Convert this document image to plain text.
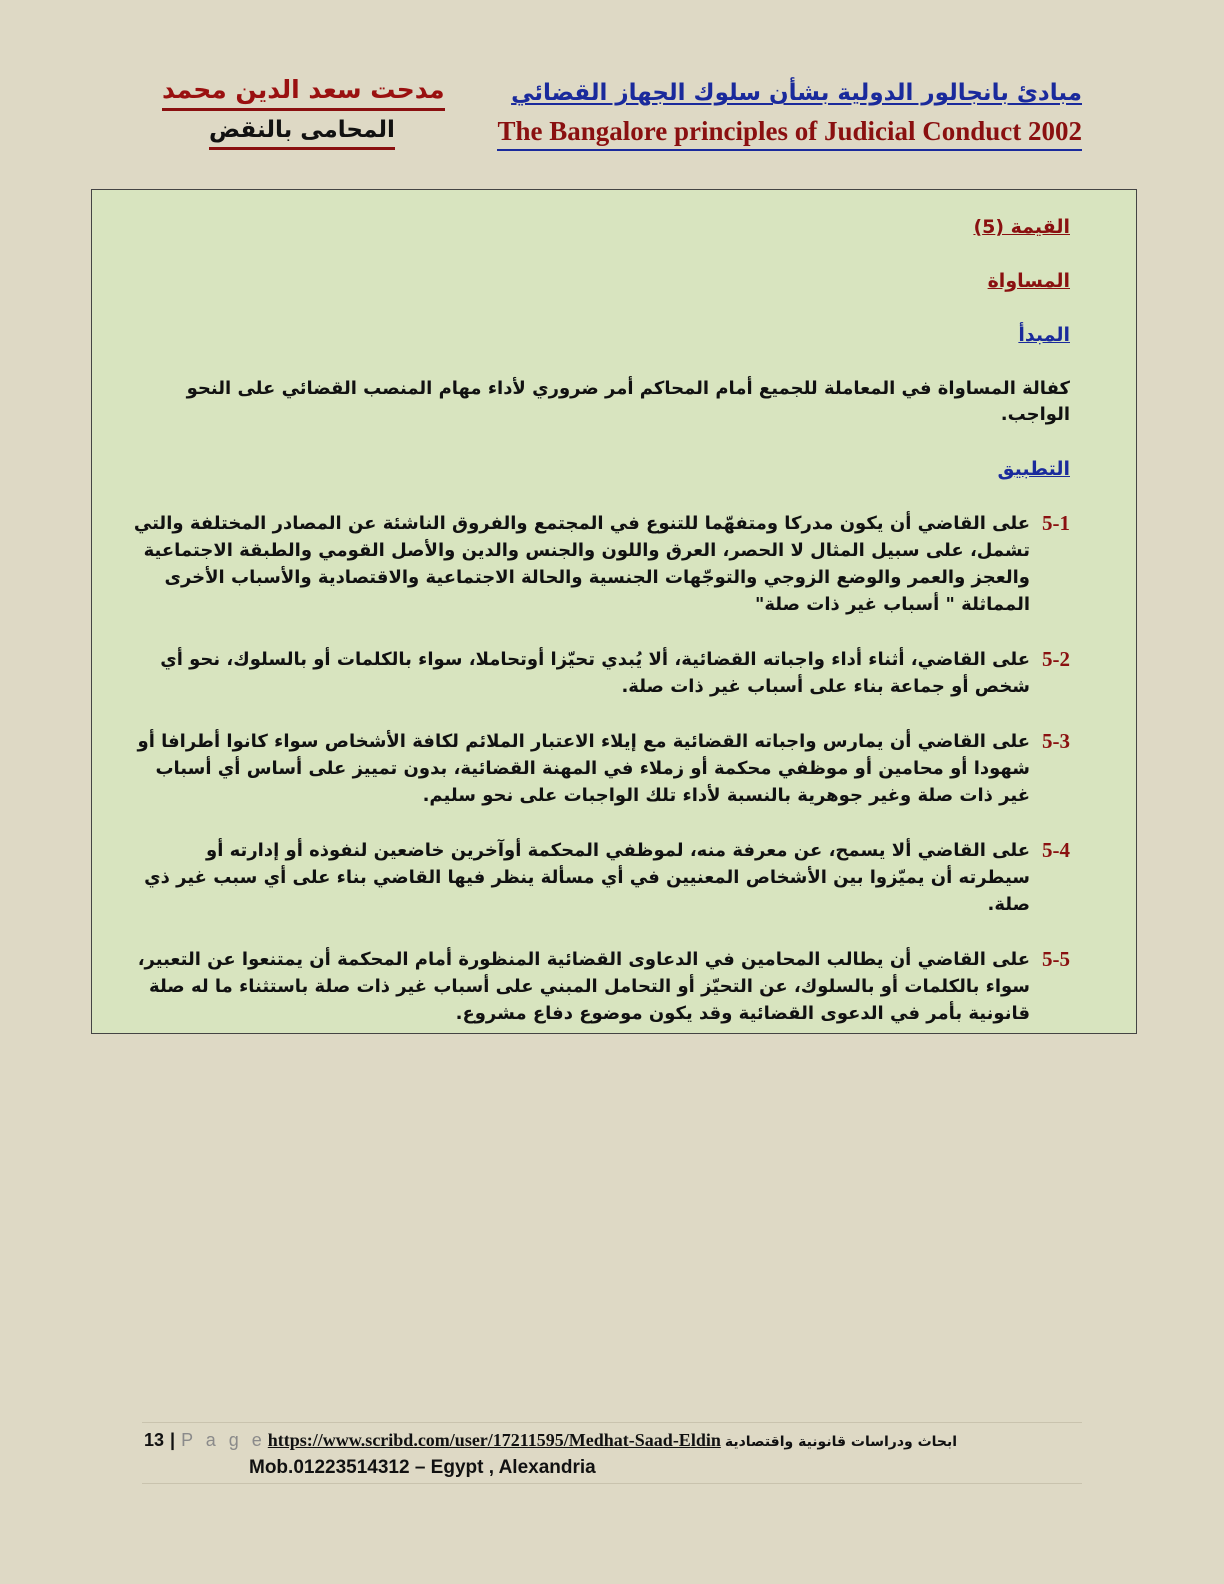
مبادئ بانجالور الدولية بشأن سلوك الجهاز القضائي
The Bangalore principles of Judicial Conduct 2002
مدحت سعد الدين محمد
المحامى بالنقض

القيمة (5)

المساواة

المبدأ

كفالة المساواة في المعاملة للجميع أمام المحاكم أمر ضروري لأداء مهام المنصب القضائي على النحو الواجب.

التطبيق

5-1
على القاضي أن يكون مدركا ومتفهّما للتنوع في المجتمع والفروق الناشئة عن المصادر المختلفة والتي تشمل، على سبيل المثال لا الحصر، العرق واللون والجنس والدين والأصل القومي والطبقة الاجتماعية والعجز والعمر والوضع الزوجي والتوجّهات الجنسية والحالة الاجتماعية والاقتصادية والأسباب الأخرى المماثلة " أسباب غير ذات صلة"
5-2
على القاضي، أثناء أداء واجباته القضائية، ألا يُبدي تحيّزا أوتحاملا، سواء بالكلمات أو بالسلوك، نحو أي شخص أو جماعة بناء على أسباب غير ذات صلة.
5-3
على القاضي أن يمارس واجباته القضائية مع إيلاء الاعتبار الملائم لكافة الأشخاص سواء كانوا أطرافا أو شهودا أو محامين أو موظفي محكمة أو زملاء في المهنة القضائية، بدون تمييز على أساس أي أسباب غير ذات صلة وغير جوهرية بالنسبة لأداء تلك الواجبات على نحو سليم.
5-4
على القاضي ألا يسمح، عن معرفة منه، لموظفي المحكمة أوآخرين خاضعين لنفوذه أو إدارته أو سيطرته أن يميّزوا بين الأشخاص المعنيين في أي مسألة ينظر فيها القاضي بناء على أي سبب غير ذي صلة.
5-5
على القاضي أن يطالب المحامين في الدعاوى القضائية المنظورة أمام المحكمة أن يمتنعوا عن التعبير، سواء بالكلمات أو بالسلوك، عن التحيّز أو التحامل المبني على أسباب غير ذات صلة باستثناء ما له صلة قانونية بأمر في الدعوى القضائية وقد يكون موضوع دفاع مشروع.
13 | P a g e https://www.scribd.com/user/17211595/Medhat-Saad-Eldin ابحاث ودراسات قانونية واقتصادية
Mob.01223514312 – Egypt , Alexandria
